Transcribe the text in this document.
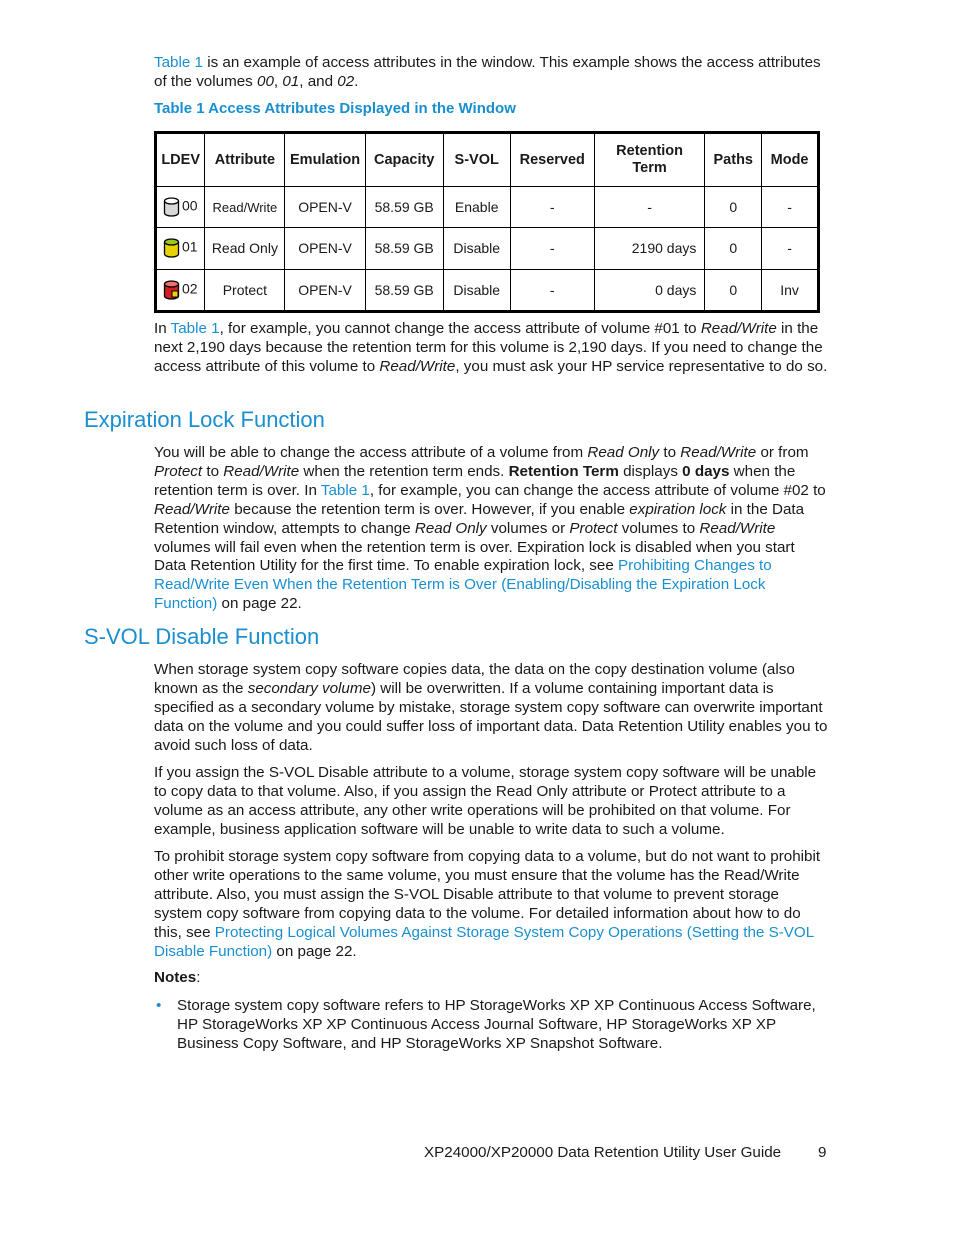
Table 1 is an example of access attributes in the window. This example shows the access attributes of the volumes 00, 01, and 02.

Table 1 Access Attributes Displayed in the Window
LDEV	Attribute	Emulation	Capacity	S-VOL	Reserved	Retention Term	Paths	Mode
00	Read/Write	OPEN-V	58.59 GB	Enable	-	-	0	-
01	Read Only	OPEN-V	58.59 GB	Disable	-	2190 days	0	-
02	Protect	OPEN-V	58.59 GB	Disable	-	0 days	0	Inv

In Table 1, for example, you cannot change the access attribute of volume #01 to Read/Write in the next 2,190 days because the retention term for this volume is 2,190 days. If you need to change the access attribute of this volume to Read/Write, you must ask your HP service representative to do so.

Expiration Lock Function

You will be able to change the access attribute of a volume from Read Only to Read/Write or from Protect to Read/Write when the retention term ends. Retention Term displays 0 days when the retention term is over. In Table 1, for example, you can change the access attribute of volume #02 to Read/Write because the retention term is over. However, if you enable expiration lock in the Data Retention window, attempts to change Read Only volumes or Protect volumes to Read/Write volumes will fail even when the retention term is over. Expiration lock is disabled when you start Data Retention Utility for the first time. To enable expiration lock, see Prohibiting Changes to Read/Write Even When the Retention Term is Over (Enabling/Disabling the Expiration Lock Function) on page 22.

S-VOL Disable Function

When storage system copy software copies data, the data on the copy destination volume (also known as the secondary volume) will be overwritten. If a volume containing important data is specified as a secondary volume by mistake, storage system copy software can overwrite important data on the volume and you could suffer loss of important data. Data Retention Utility enables you to avoid such loss of data.

If you assign the S-VOL Disable attribute to a volume, storage system copy software will be unable to copy data to that volume. Also, if you assign the Read Only attribute or Protect attribute to a volume as an access attribute, any other write operations will be prohibited on that volume. For example, business application software will be unable to write data to such a volume.

To prohibit storage system copy software from copying data to a volume, but do not want to prohibit other write operations to the same volume, you must ensure that the volume has the Read/Write attribute. Also, you must assign the S-VOL Disable attribute to that volume to prevent storage system copy software from copying data to the volume. For detailed information about how to do this, see Protecting Logical Volumes Against Storage System Copy Operations (Setting the S-VOL Disable Function) on page 22.

Notes:

• Storage system copy software refers to HP StorageWorks XP XP Continuous Access Software, HP StorageWorks XP XP Continuous Access Journal Software, HP StorageWorks XP XP Business Copy Software, and HP StorageWorks XP Snapshot Software.
XP24000/XP20000 Data Retention Utility User Guide 9
